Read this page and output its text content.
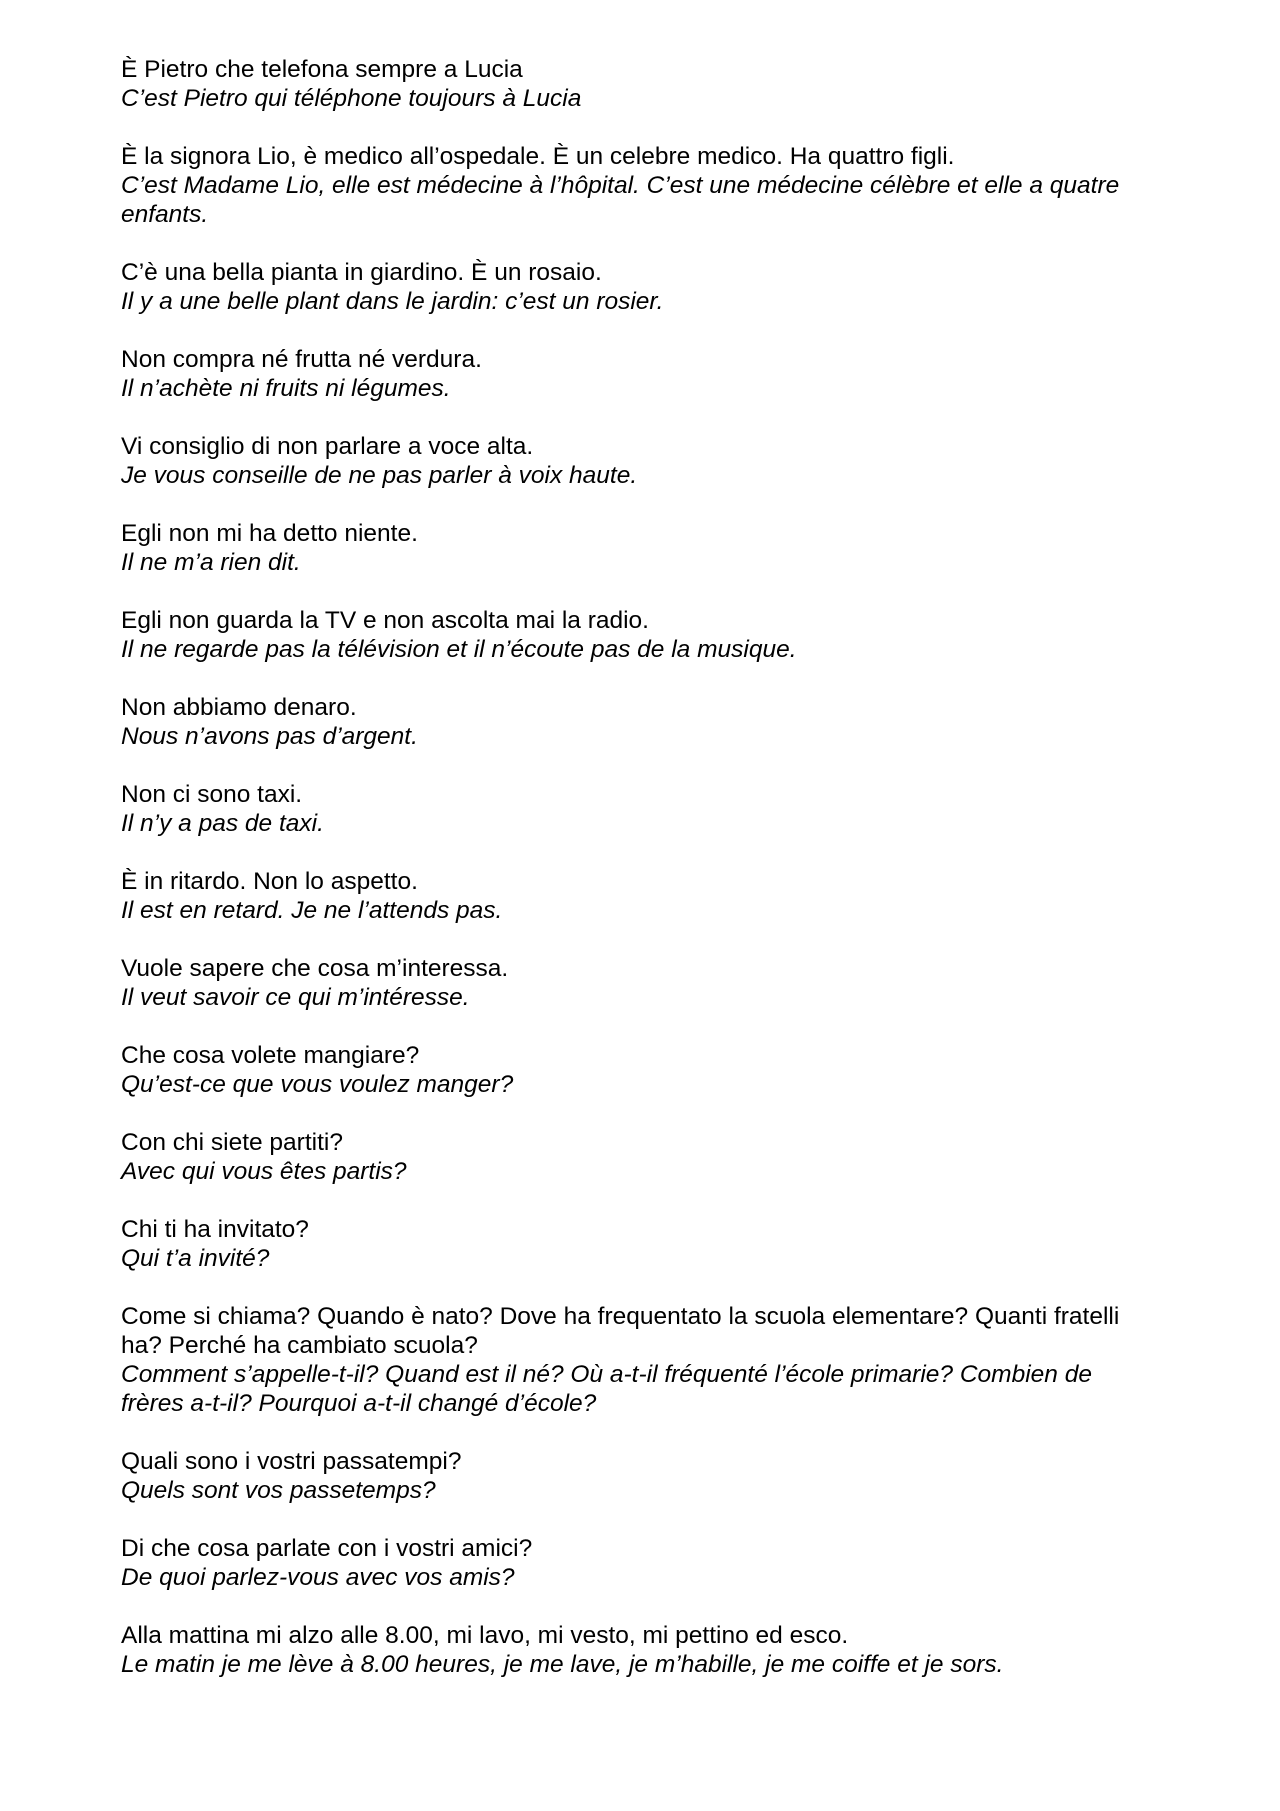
È Pietro che telefona sempre a Lucia
C’est Pietro qui téléphone toujours à Lucia
È la signora Lio, è medico all’ospedale. È un celebre medico. Ha quattro figli.
C’est Madame Lio, elle est médecine à l’hôpital. C’est une médecine célèbre et elle a quatre enfants.
C’è una bella pianta in giardino. È un rosaio.
Il y a une belle plant dans le jardin: c’est un rosier.
Non compra né frutta né verdura.
Il n’achète ni fruits ni légumes.
Vi consiglio di non parlare a voce alta.
Je vous conseille de ne pas parler à voix haute.
Egli non mi ha detto niente.
Il ne m’a rien dit.
Egli non guarda la TV e non ascolta mai la radio.
Il ne regarde pas la télévision et il n’écoute pas de la musique.
Non abbiamo denaro.
Nous n’avons pas d’argent.
Non ci sono taxi.
Il n’y a pas de taxi.
È in ritardo. Non lo aspetto.
Il est en retard. Je ne l’attends pas.
Vuole sapere che cosa m’interessa.
Il veut savoir ce qui m’intéresse.
Che cosa volete mangiare?
Qu’est-ce que vous voulez manger?
Con chi siete partiti?
Avec qui vous êtes partis?
Chi ti ha invitato?
Qui t’a invité?
Come si chiama? Quando è nato? Dove ha frequentato la scuola elementare? Quanti fratelli ha? Perché ha cambiato scuola?
Comment s’appelle-t-il? Quand est il né? Où a-t-il fréquenté l’école primarie? Combien de frères a-t-il? Pourquoi a-t-il changé d’école?
Quali sono i vostri passatempi?
Quels sont vos passetemps?
Di che cosa parlate con i vostri amici?
De quoi parlez-vous avec vos amis?
Alla mattina mi alzo alle 8.00, mi lavo, mi vesto, mi pettino ed esco.
Le matin je me lève à 8.00 heures, je me lave, je m’habille, je me coiffe et je sors.
